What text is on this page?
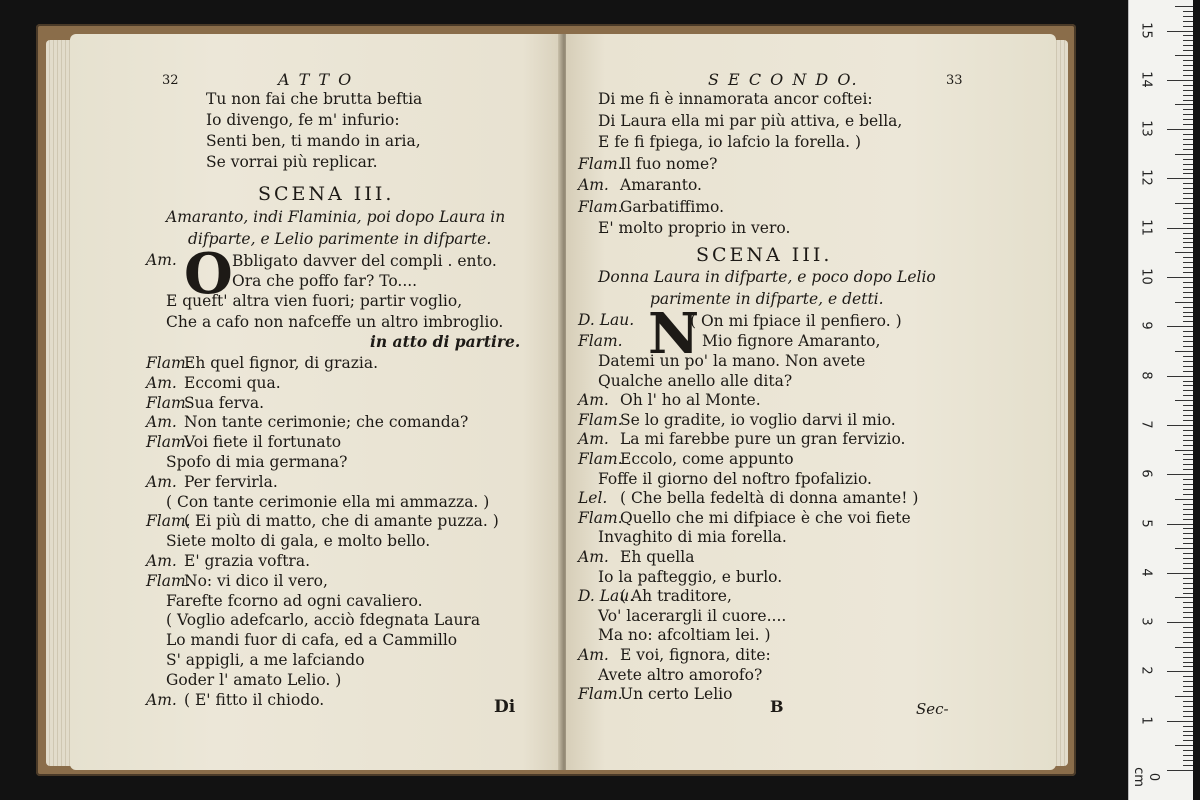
32	A T T O
Tu non fai che brutta beftia
Io divengo, fe m' infurio:
Senti ben, ti mando in aria,
Se vorrai più replicar.
SCENA III.
Amaranto, indi Flaminia, poi dopo Laura in
difparte, e Lelio parimente in difparte.
Am. O Bbligato davver del compli . ento.
Ora che poffo far? To....
E queft' altra vien fuori; partir voglio,
Che a cafo non nafceffe un altro imbroglio.
in atto di partire.
Flam.
Eh quel fignor, di grazia.
Am. Eccomi qua.
Flam.
Sua ferva.
Am. Non tante cerimonie; che comanda?
Flam.
Voi fiete il fortunato
Spofo di mia germana?
Am. Per fervirla.
( Con tante cerimonie ella mi ammazza. )
Flam.
( Ei più di matto, che di amante puzza. )
Siete molto di gala, e molto bello.
Am. E' grazia voftra.
Flam.
No: vi dico il vero,
Farefte fcorno ad ogni cavaliero.
( Voglio adefcarlo, acciò fdegnata Laura
Lo mandi fuor di cafa, ed a Cammillo
S' appigli, a me lafciando
Goder l' amato Lelio. )
Am. ( E' fitto il chiodo.	Di
S E C O N D O.	33
Di me fi è innamorata ancor coftei:
Di Laura ella mi par più attiva, e bella,
E fe fi fpiega, io lafcio la forella. )
Flam.
Il fuo nome?
Am. Amaranto.
Flam.
Garbatiffimo.
E' molto proprio in vero.
SCENA III.
Donna Laura in difparte, e poco dopo Lelio
parimente in difparte, e detti.
D. Lau. N
( On mi fpiace il penfiero. )
Flam.	Mio fignore Amaranto,
Datemi un po' la mano. Non avete
Qualche anello alle dita?
Am. Oh l' ho al Monte.
Flam.
Se lo gradite, io voglio darvi il mio.
Am. La mi farebbe pure un gran fervizio.
Flam.
Eccolo, come appunto
Foffe il giorno del noftro fpofalizio.
Lel. ( Che bella fedeltà di donna amante! )
Flam.
Quello che mi difpiace è che voi fiete
Invaghito di mia forella.
Am. Eh quella
Io la pafteggio, e burlo.
D. Lau.
( Ah traditore,
Vo' lacerargli il cuore....
Ma no: afcoltiam lei. )
Am. E voi, fignora, dite:
Avete altro amorofo?
Flam.
Un certo Lelio
B	Sec-
0 cm
1
2
3
4
5
6
7
8
9
10
11
12
13
14
15
